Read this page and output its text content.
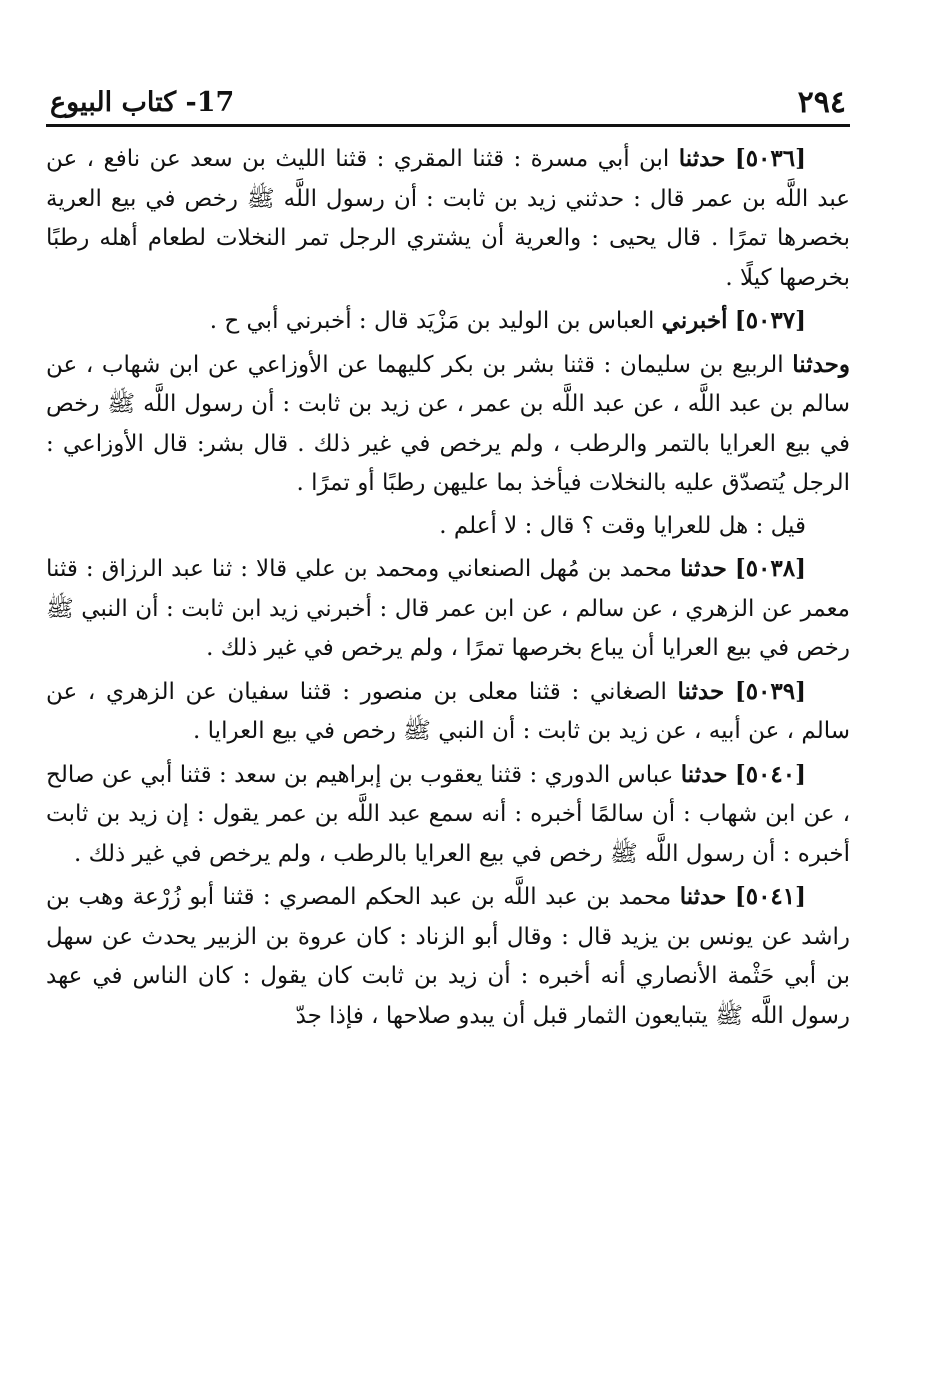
٢٩٤
17- كتاب البيوع

[٥٠٣٦] حدثنا ابن أبي مسرة : قثنا المقري : قثنا الليث بن سعد عن نافع ، عن عبد اللَّه بن عمر قال : حدثني زيد بن ثابت : أن رسول اللَّه ﷺ رخص في بيع العرية بخصرها تمرًا . قال يحيى : والعرية أن يشتري الرجل تمر النخلات لطعام أهله رطبًا بخرصها كيلًا .

[٥٠٣٧] أخبرني العباس بن الوليد بن مَزْيَد قال : أخبرني أبي ح .

وحدثنا الربيع بن سليمان : قثنا بشر بن بكر كليهما عن الأوزاعي عن ابن شهاب ، عن سالم بن عبد اللَّه ، عن عبد اللَّه بن عمر ، عن زيد بن ثابت : أن رسول اللَّه ﷺ رخص في بيع العرايا بالتمر والرطب ، ولم يرخص في غير ذلك . قال بشر: قال الأوزاعي : الرجل يُتصدّق عليه بالنخلات فيأخذ بما عليهن رطبًا أو تمرًا .

قيل : هل للعرايا وقت ؟ قال : لا أعلم .

[٥٠٣٨] حدثنا محمد بن مُهل الصنعاني ومحمد بن علي قالا : ثنا عبد الرزاق : قثنا معمر عن الزهري ، عن سالم ، عن ابن عمر قال : أخبرني زيد ابن ثابت : أن النبي ﷺ رخص في بيع العرايا أن يباع بخرصها تمرًا ، ولم يرخص في غير ذلك .

[٥٠٣٩] حدثنا الصغاني : قثنا معلى بن منصور : قثنا سفيان عن الزهري ، عن سالم ، عن أبيه ، عن زيد بن ثابت : أن النبي ﷺ رخص في بيع العرايا .

[٥٠٤٠] حدثنا عباس الدوري : قثنا يعقوب بن إبراهيم بن سعد : قثنا أبي عن صالح ، عن ابن شهاب : أن سالمًا أخبره : أنه سمع عبد اللَّه بن عمر يقول : إن زيد بن ثابت أخبره : أن رسول اللَّه ﷺ رخص في بيع العرايا بالرطب ، ولم يرخص في غير ذلك .

[٥٠٤١] حدثنا محمد بن عبد اللَّه بن عبد الحكم المصري : قثنا أبو زُرْعة وهب بن راشد عن يونس بن يزيد قال : وقال أبو الزناد : كان عروة بن الزبير يحدث عن سهل بن أبي حَثْمة الأنصاري أنه أخبره : أن زيد بن ثابت كان يقول : كان الناس في عهد رسول اللَّه ﷺ يتبايعون الثمار قبل أن يبدو صلاحها ، فإذا جدّ
